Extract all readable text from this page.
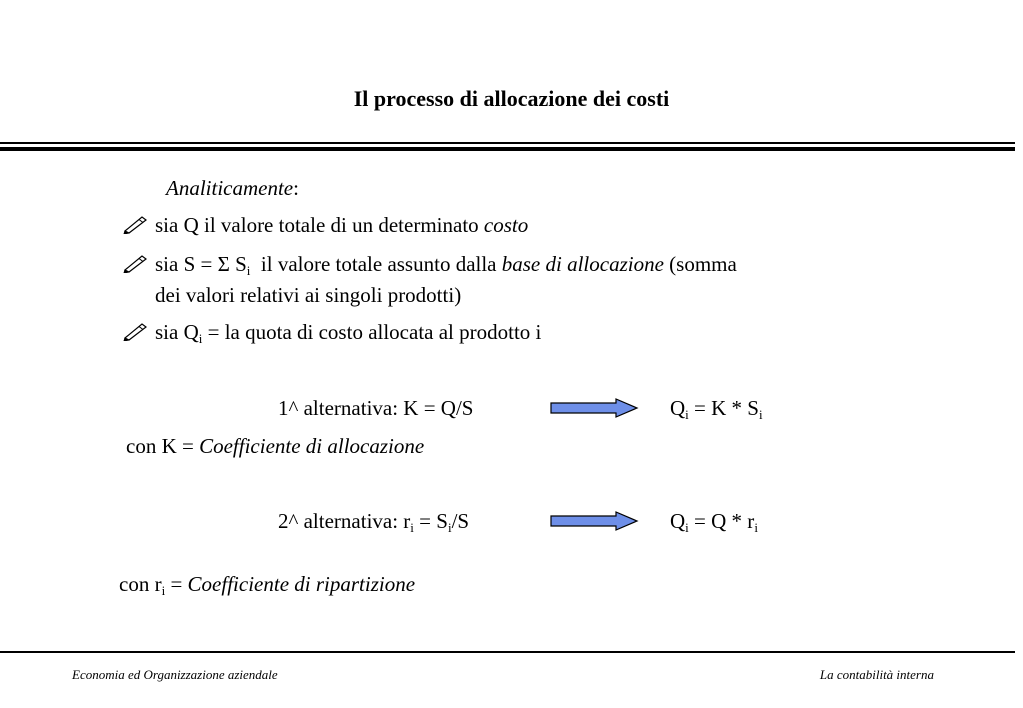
Il processo di allocazione dei costi
Analiticamente:
sia Q il valore totale di un determinato costo
sia S = Σ $S_i$  il valore totale assunto dalla base di allocazione (somma
dei valori relativi ai singoli prodotti)
sia $Q_i$ = la quota di costo allocata al prodotto i
1^ alternativa: K = Q/S	$Q_i = K * S_i$
con K = Coefficiente di allocazione
2^ alternativa: $r_i = S_i/S$	$Q_i = Q * r_i$
con $r_i$ = Coefficiente di ripartizione
Economia ed Organizzazione aziendale	La contabilità interna
